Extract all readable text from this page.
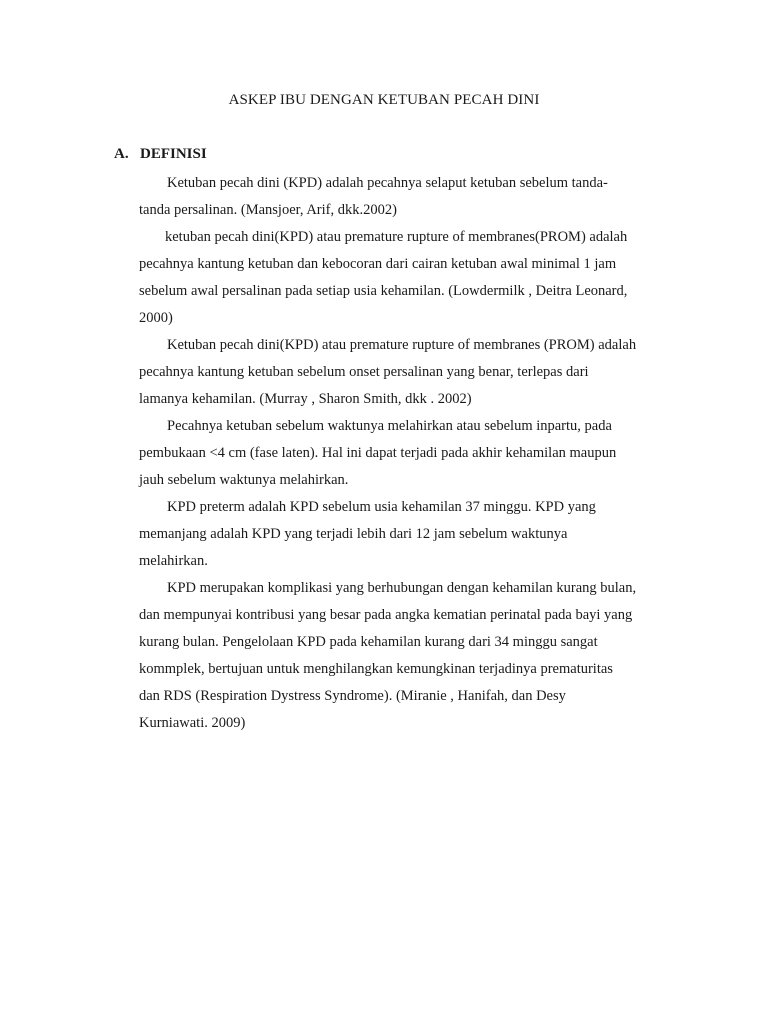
ASKEP IBU DENGAN KETUBAN PECAH DINI
A. DEFINISI
Ketuban pecah dini (KPD) adalah pecahnya selaput ketuban sebelum tanda-
tanda persalinan. (Mansjoer, Arif, dkk.2002)
ketuban pecah dini(KPD) atau premature rupture of membranes(PROM) adalah
pecahnya kantung ketuban dan kebocoran dari cairan ketuban awal minimal 1 jam
sebelum awal persalinan pada setiap usia kehamilan. (Lowdermilk , Deitra Leonard,
2000)
Ketuban pecah dini(KPD) atau premature rupture of membranes (PROM) adalah
pecahnya kantung ketuban sebelum onset persalinan yang benar, terlepas dari
lamanya kehamilan. (Murray , Sharon Smith, dkk . 2002)
Pecahnya ketuban sebelum waktunya melahirkan atau sebelum inpartu, pada
pembukaan <4 cm (fase laten). Hal ini dapat terjadi pada akhir kehamilan maupun
jauh sebelum waktunya melahirkan.
KPD preterm adalah KPD sebelum usia kehamilan 37 minggu. KPD yang
memanjang adalah KPD yang terjadi lebih dari 12 jam sebelum waktunya
melahirkan.
KPD merupakan komplikasi yang berhubungan dengan kehamilan kurang bulan,
dan mempunyai kontribusi yang besar pada angka kematian perinatal pada bayi yang
kurang bulan. Pengelolaan KPD pada kehamilan kurang dari 34 minggu sangat
kommplek, bertujuan untuk menghilangkan kemungkinan terjadinya prematuritas
dan RDS (Respiration Dystress Syndrome). (Miranie , Hanifah, dan Desy
Kurniawati. 2009)
